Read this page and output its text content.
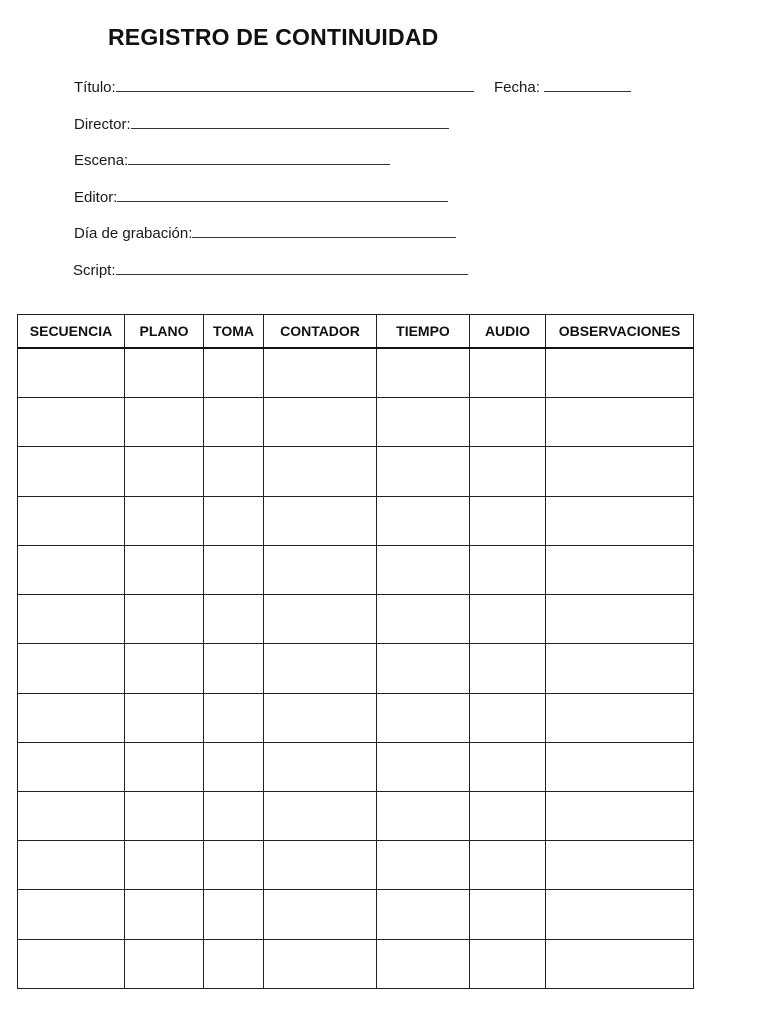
REGISTRO DE CONTINUIDAD
Título:	Fecha:
Director:
Escena:
Editor:
Día de grabación:
Script:
SECUENCIA	PLANO	TOMA	CONTADOR	TIEMPO	AUDIO	OBSERVACIONES
